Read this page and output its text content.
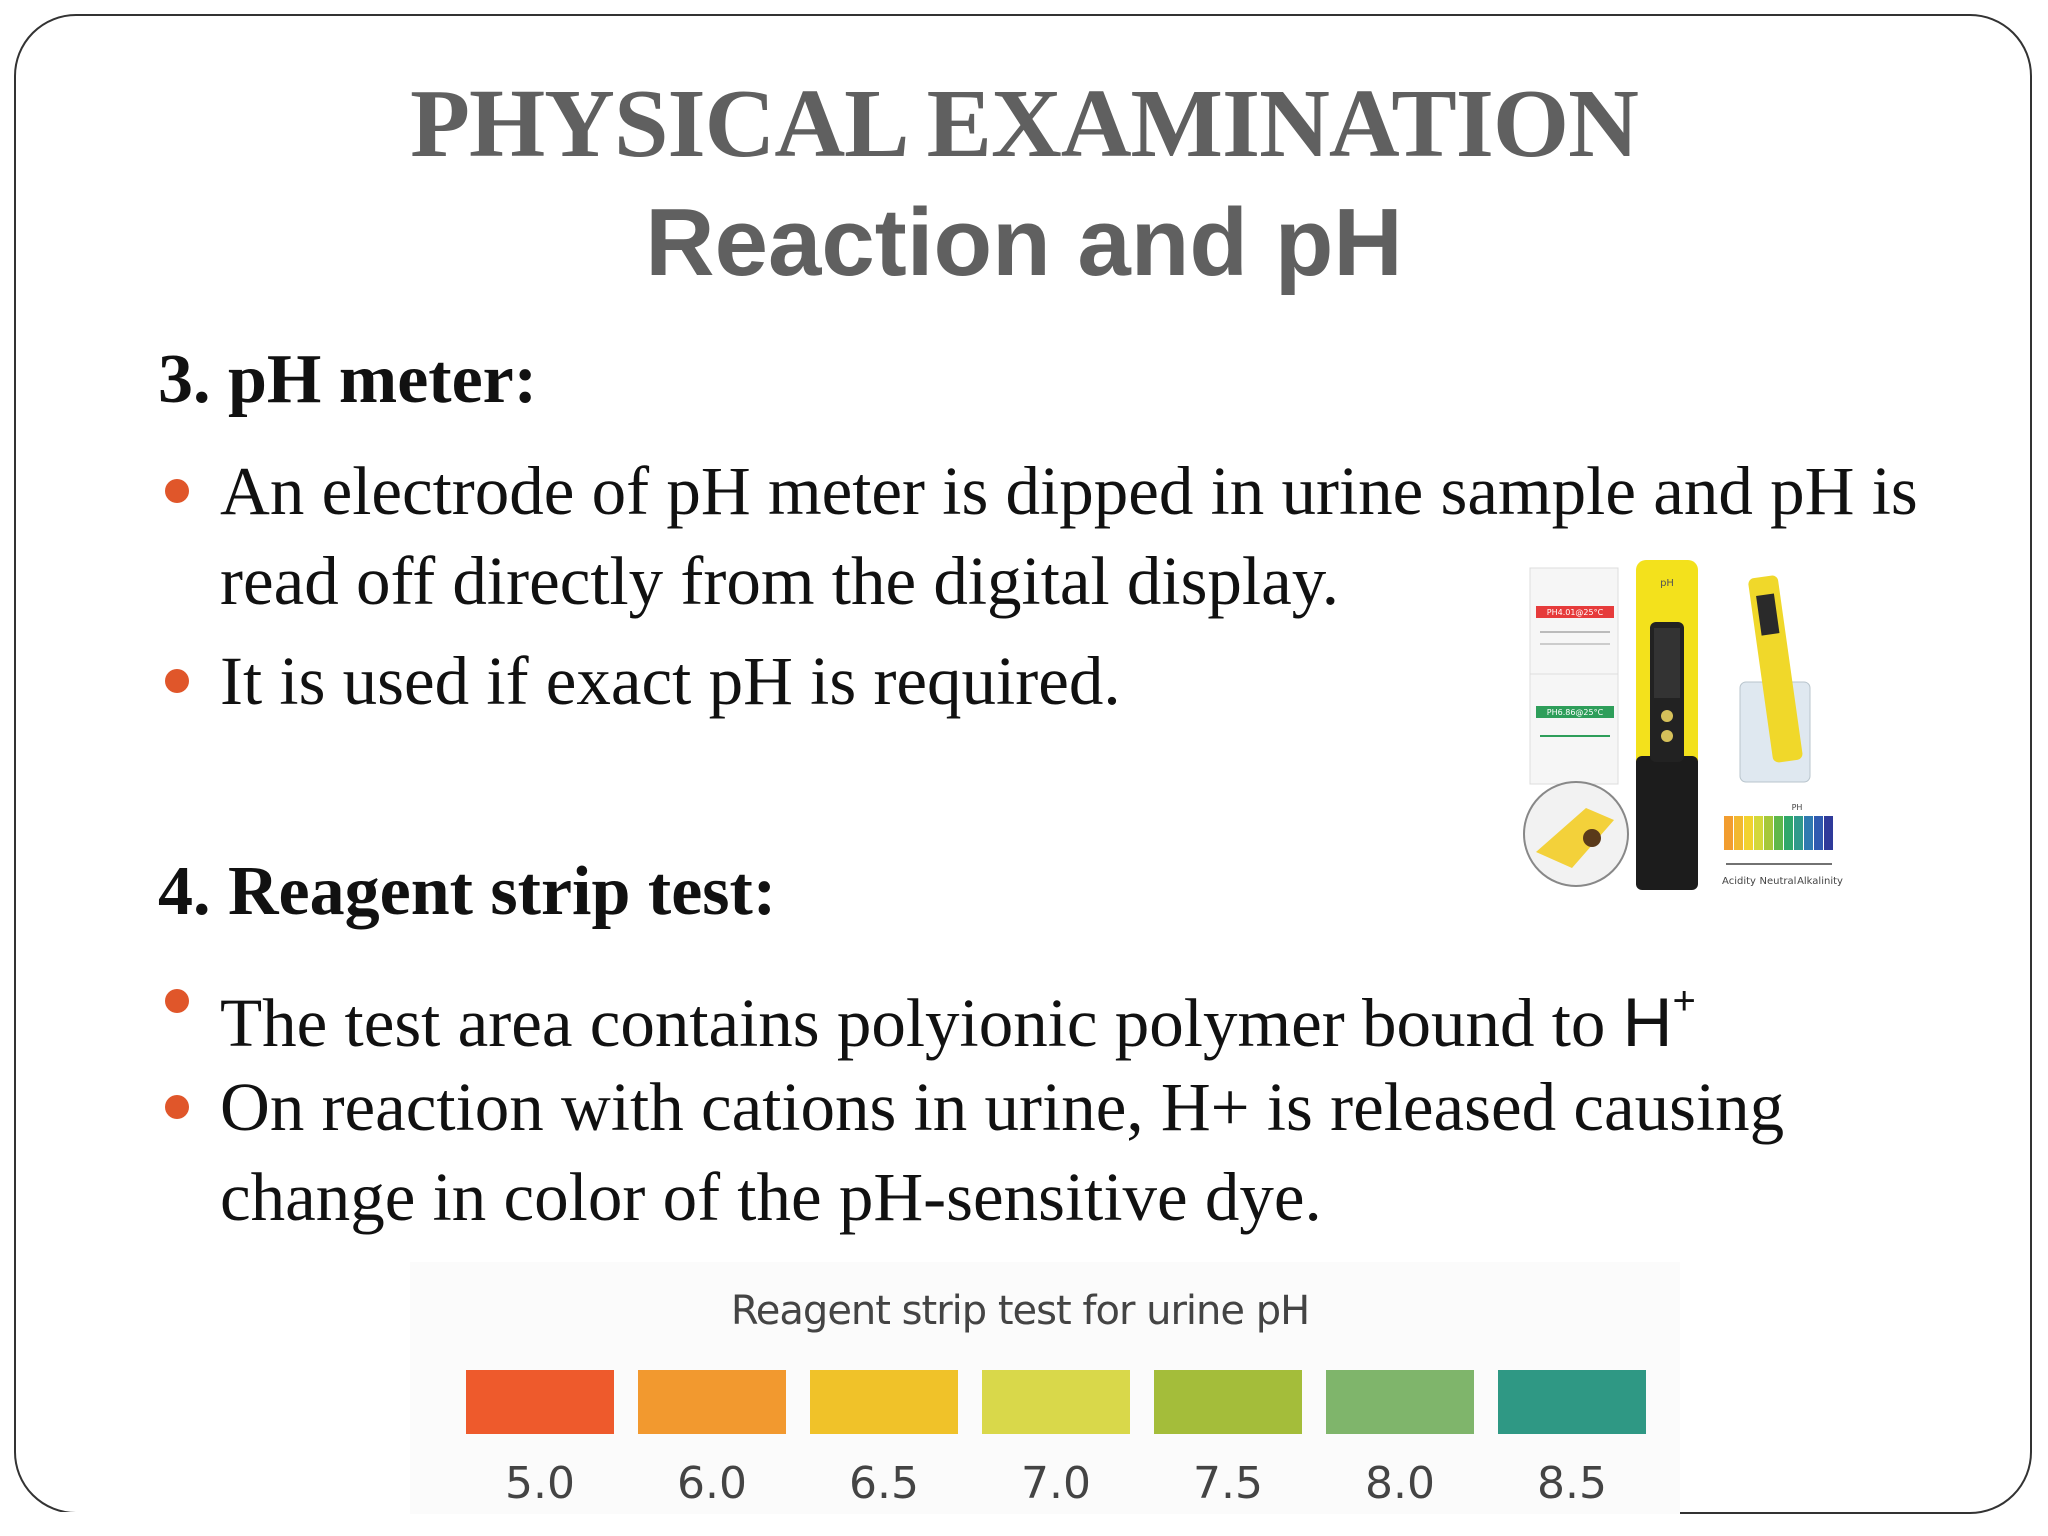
PHYSICAL EXAMINATION
Reaction and pH
3. pH meter:

An electrode of pH meter is dipped in urine sample and pH is read off directly from the digital display.

It is used if exact pH is required.

PH4.01@25°C
PH6.86@25°C
pH
PH
Acidity Neutral Alkalinity
4. Reagent strip test:

The test area contains polyionic polymer bound to H+

On reaction with cations in urine, H+ is released causing change in color of the pH-sensitive dye.

Reagent strip test for urine pH
5.0	6.0	6.5	7.0	7.5	8.0	8.5
